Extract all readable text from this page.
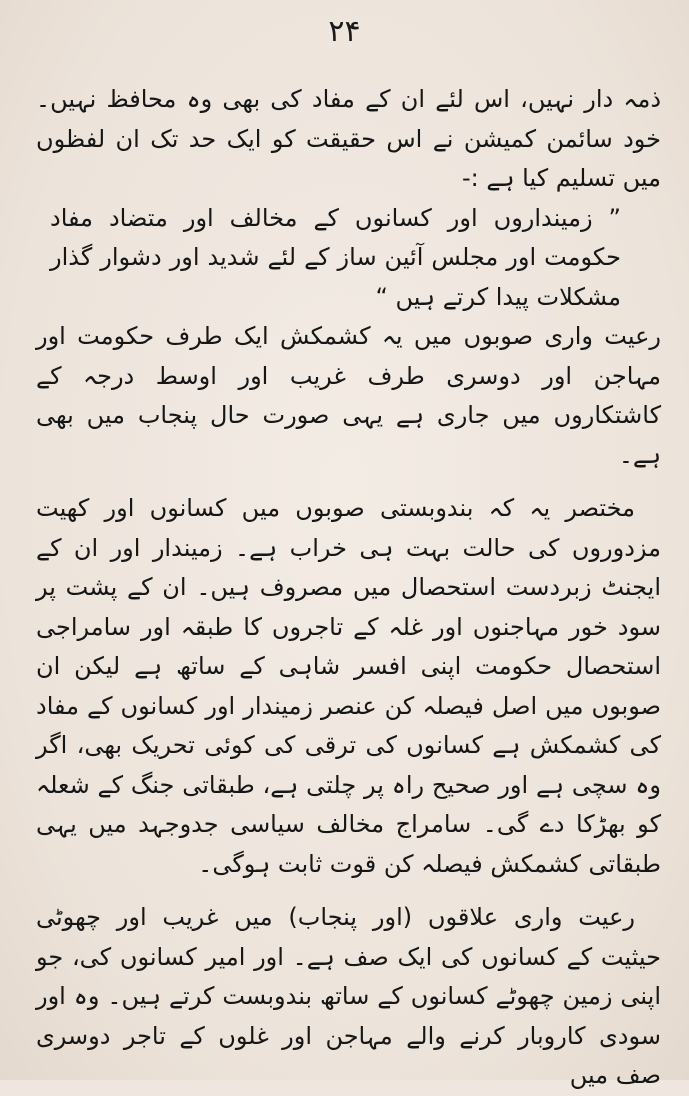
۲۴

ذمہ دار نہیں، اس لئے ان کے مفاد کی بھی وہ محافظ نہیں۔ خود سائمن کمیشن نے اس حقیقت کو ایک حد تک ان لفظوں میں تسلیم کیا ہے :-

” زمینداروں اور کسانوں کے مخالف اور متضاد مفاد حکومت اور مجلس آئین ساز کے لئے شدید اور دشوار گذار مشکلات پیدا کرتے ہیں “

رعیت واری صوبوں میں یہ کشمکش ایک طرف حکومت اور مہاجن اور دوسری طرف غریب اور اوسط درجہ کے کاشتکاروں میں جاری ہے یہی صورت حال پنجاب میں بھی ہے۔

مختصر یہ کہ بندوبستی صوبوں میں کسانوں اور کھیت مزدوروں کی حالت بہت ہی خراب ہے۔ زمیندار اور ان کے ایجنٹ زبردست استحصال میں مصروف ہیں۔ ان کے پشت پر سود خور مہاجنوں اور غلہ کے تاجروں کا طبقہ اور سامراجی استحصال حکومت اپنی افسر شاہی کے ساتھ ہے لیکن ان صوبوں میں اصل فیصلہ کن عنصر زمیندار اور کسانوں کے مفاد کی کشمکش ہے کسانوں کی ترقی کی کوئی تحریک بھی، اگر وہ سچی ہے اور صحیح راہ پر چلتی ہے، طبقاتی جنگ کے شعلہ کو بھڑکا دے گی۔ سامراج مخالف سیاسی جدوجہد میں یہی طبقاتی کشمکش فیصلہ کن قوت ثابت ہوگی۔

رعیت واری علاقوں (اور پنجاب) میں غریب اور چھوٹی حیثیت کے کسانوں کی ایک صف ہے۔ اور امیر کسانوں کی، جو اپنی زمین چھوٹے کسانوں کے ساتھ بندوبست کرتے ہیں۔ وہ اور سودی کاروبار کرنے والے مہاجن اور غلوں کے تاجر دوسری صف میں
